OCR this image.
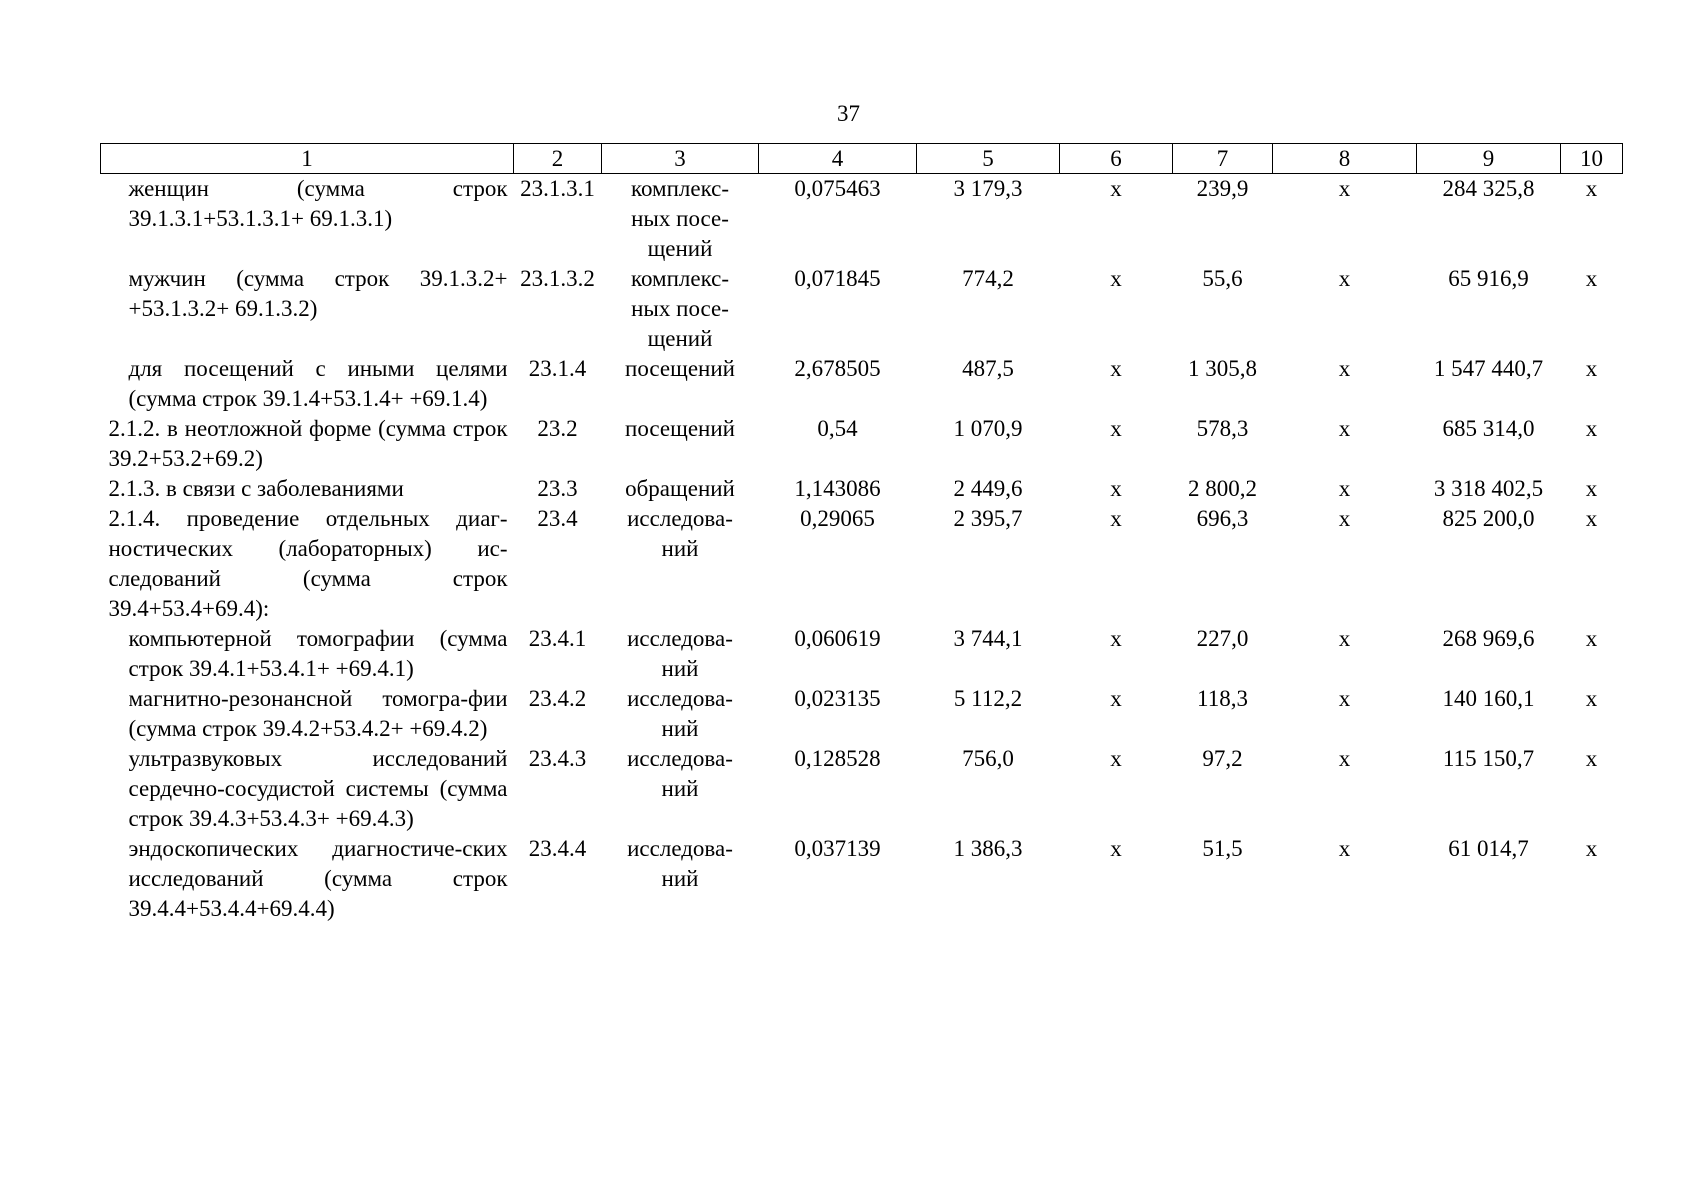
37
1	2	3	4	5	6	7	8	9	10
женщин (сумма строк 39.1.3.1+53.1.3.1+ 69.1.3.1)	23.1.3.1	комплекс-ных посе-щений	0,075463	3 179,3	х	239,9	х	284 325,8	х
мужчин (сумма строк 39.1.3.2+ +53.1.3.2+ 69.1.3.2)	23.1.3.2	комплекс-ных посе-щений	0,071845	774,2	х	55,6	х	65 916,9	х
для посещений с иными целями (сумма строк 39.1.4+53.1.4+ +69.1.4)	23.1.4	посещений	2,678505	487,5	х	1 305,8	х	1 547 440,7	х
2.1.2. в неотложной форме (сумма строк 39.2+53.2+69.2)	23.2	посещений	0,54	1 070,9	х	578,3	х	685 314,0	х
2.1.3. в связи с заболеваниями	23.3	обращений	1,143086	2 449,6	х	2 800,2	х	3 318 402,5	х
2.1.4. проведение отдельных диаг-ностических (лабораторных) ис-следований (сумма строк 39.4+53.4+69.4):	23.4	исследова-ний	0,29065	2 395,7	х	696,3	х	825 200,0	х
компьютерной томографии (сумма строк 39.4.1+53.4.1+ +69.4.1)	23.4.1	исследова-ний	0,060619	3 744,1	х	227,0	х	268 969,6	х
магнитно-резонансной томогра-фии (сумма строк 39.4.2+53.4.2+ +69.4.2)	23.4.2	исследова-ний	0,023135	5 112,2	х	118,3	х	140 160,1	х
ультразвуковых исследований сердечно-сосудистой системы (сумма строк 39.4.3+53.4.3+ +69.4.3)	23.4.3	исследова-ний	0,128528	756,0	х	97,2	х	115 150,7	х
эндоскопических диагностиче-ских исследований (сумма строк 39.4.4+53.4.4+69.4.4)	23.4.4	исследова-ний	0,037139	1 386,3	х	51,5	х	61 014,7	х
